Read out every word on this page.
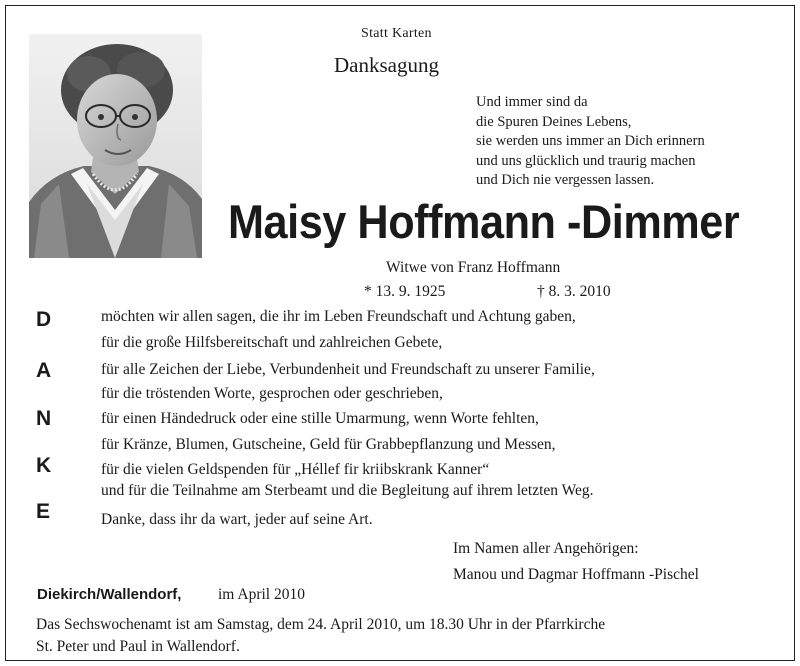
Statt Karten
Danksagung
Und immer sind da
die Spuren Deines Lebens,
sie werden uns immer an Dich erinnern
und uns glücklich und traurig machen
und Dich nie vergessen lassen.
Maisy Hoffmann -Dimmer
Witwe von Franz Hoffmann
* 13. 9. 1925	† 8. 3. 2010
D
A
N
K
E
möchten wir allen sagen, die ihr im Leben Freundschaft und Achtung gaben,
für die große Hilfsbereitschaft und zahlreichen Gebete,
für alle Zeichen der Liebe, Verbundenheit und Freundschaft zu unserer Familie,
für die tröstenden Worte, gesprochen oder geschrieben,
für einen Händedruck oder eine stille Umarmung, wenn Worte fehlten,
für Kränze, Blumen, Gutscheine, Geld für Grabbepflanzung und Messen,
für die vielen Geldspenden für „Héllef fir kriibskrank Kanner“
und für die Teilnahme am Sterbeamt und die Begleitung auf ihrem letzten Weg.
Danke, dass ihr da wart, jeder auf seine Art.
Im Namen aller Angehörigen:
Manou und Dagmar Hoffmann -Pischel
Diekirch/Wallendorf, im April 2010
Das Sechswochenamt ist am Samstag, dem 24. April 2010, um 18.30 Uhr in der Pfarrkirche
St. Peter und Paul in Wallendorf.
